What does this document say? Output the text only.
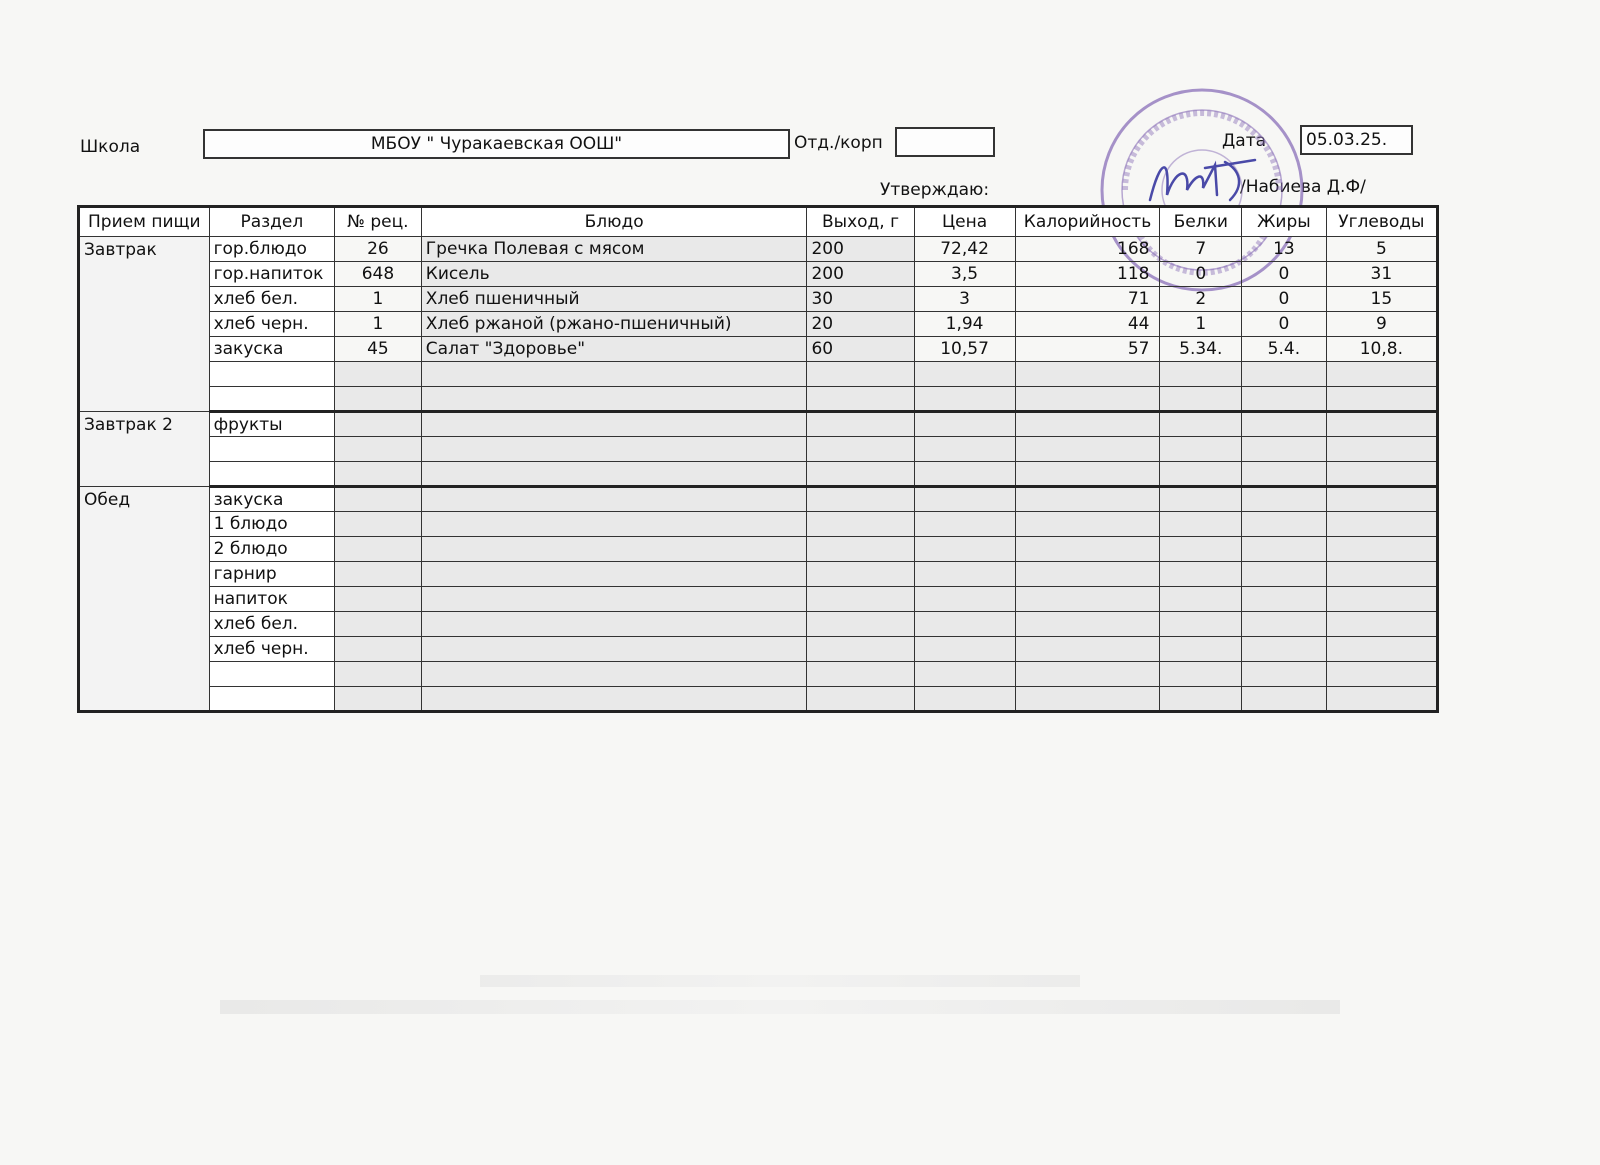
Школа	МБОУ " Чуракаевская ООШ"	Отд./корп	Дата 05.03.25.
Утверждаю:	/Набиева Д.Ф/
Прием пищи	Раздел	№ рец.	Блюдо	Выход, г	Цена	Калорийность	Белки	Жиры	Углеводы
Завтрак	гор.блюдо	26	Гречка Полевая с мясом	200	72,42	168	7	13	5
	гор.напиток	648	Кисель	200	3,5	118	0	0	31
	хлеб бел.	1	Хлеб пшеничный	30	3	71	2	0	15
	хлеб черн.	1	Хлеб ржаной (ржано-пшеничный)	20	1,94	44	1	0	9
	закуска	45	Салат "Здоровье"	60	10,57	57	5.34.	5.4.	10,8.

Завтрак 2	фрукты								

Обед	закуска								
	1 блюдо								
	2 блюдо								
	гарнир								
	напиток								
	хлеб бел.								
	хлеб черн.								
